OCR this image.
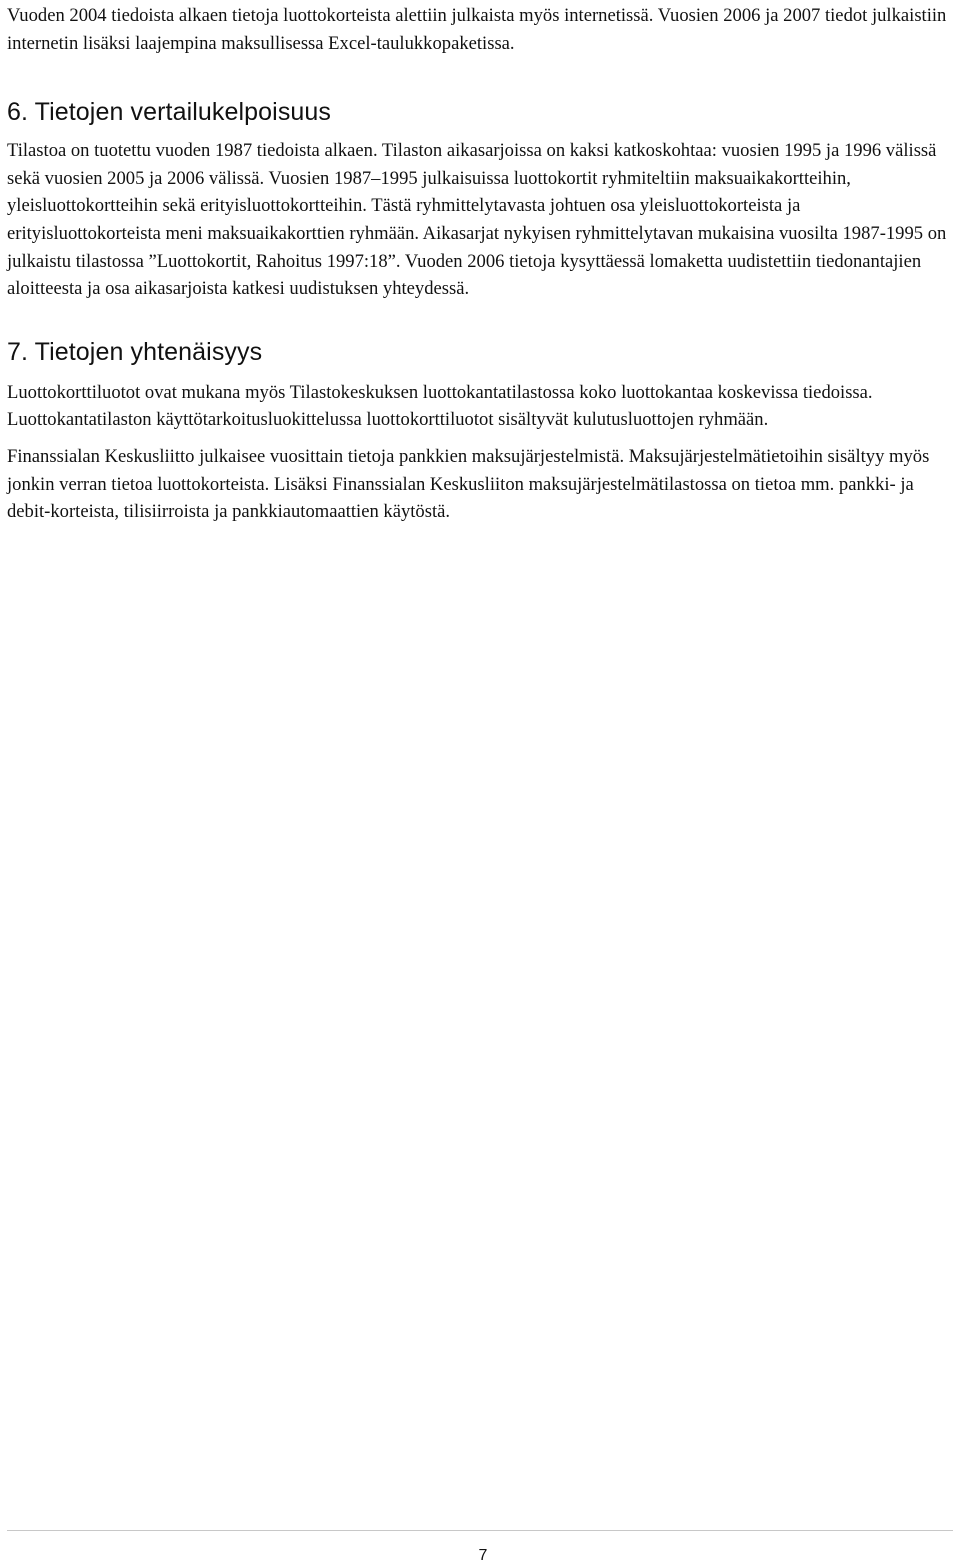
Vuoden 2004 tiedoista alkaen tietoja luottokorteista alettiin julkaista myös internetissä. Vuosien 2006 ja 2007 tiedot julkaistiin internetin lisäksi laajempina maksullisessa Excel-taulukkopaketissa.

6. Tietojen vertailukelpoisuus

Tilastoa on tuotettu vuoden 1987 tiedoista alkaen. Tilaston aikasarjoissa on kaksi katkoskohtaa: vuosien 1995 ja 1996 välissä sekä vuosien 2005 ja 2006 välissä. Vuosien 1987–1995 julkaisuissa luottokortit ryhmiteltiin maksuaikakortteihin, yleisluottokortteihin sekä erityisluottokortteihin. Tästä ryhmittelytavasta johtuen osa yleisluottokorteista ja erityisluottokorteista meni maksuaikakorttien ryhmään. Aikasarjat nykyisen ryhmittelytavan mukaisina vuosilta 1987-1995 on julkaistu tilastossa ”Luottokortit, Rahoitus 1997:18”. Vuoden 2006 tietoja kysyttäessä lomaketta uudistettiin tiedonantajien aloitteesta ja osa aikasarjoista katkesi uudistuksen yhteydessä.

7. Tietojen yhtenäisyys

Luottokorttiluotot ovat mukana myös Tilastokeskuksen luottokantatilastossa koko luottokantaa koskevissa tiedoissa. Luottokantatilaston käyttötarkoitusluokittelussa luottokorttiluotot sisältyvät kulutusluottojen ryhmään.

Finanssialan Keskusliitto julkaisee vuosittain tietoja pankkien maksujärjestelmistä. Maksujärjestelmätietoihin sisältyy myös jonkin verran tietoa luottokorteista. Lisäksi Finanssialan Keskusliiton maksujärjestelmätilastossa on tietoa mm. pankki- ja debit-korteista, tilisiirroista ja pankkiautomaattien käytöstä.

7
